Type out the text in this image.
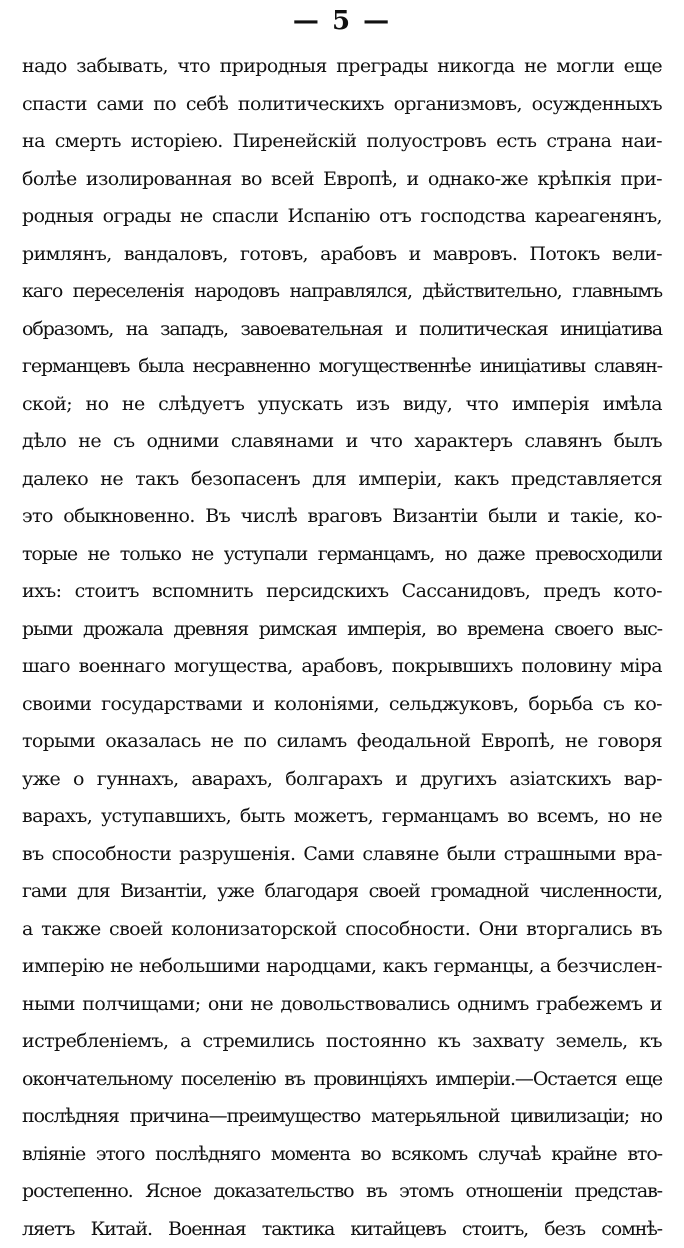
— 5 —
надо забывать, что природныя преграды никогда не могли еще
спасти сами по себѣ политическихъ организмовъ, осужденныхъ
на смерть исторіею. Пиренейскій полуостровъ есть страна наи-
болѣе изолированная во всей Европѣ, и однако-же крѣпкія при-
родныя ограды не спасли Испанію отъ господства кареагенянъ,
римлянъ, вандаловъ, готовъ, арабовъ и мавровъ. Потокъ вели-
каго переселенія народовъ направлялся, дѣйствительно, главнымъ
образомъ, на западъ, завоевательная и политическая иниціатива
германцевъ была несравненно могущественнѣе иниціативы славян-
ской; но не слѣдуетъ упускать изъ виду, что имперія имѣла
дѣло не съ одними славянами и что характеръ славянъ былъ
далеко не такъ безопасенъ для имперіи, какъ представляется
это обыкновенно. Въ числѣ враговъ Византіи были и такіе, ко-
торые не только не уступали германцамъ, но даже превосходили
ихъ: стоитъ вспомнить персидскихъ Сассанидовъ, предъ кото-
рыми дрожала древняя римская имперія, во времена своего выс-
шаго военнаго могущества, арабовъ, покрывшихъ половину міра
своими государствами и колоніями, сельджуковъ, борьба съ ко-
торыми оказалась не по силамъ феодальной Европѣ, не говоря
уже о гуннахъ, аварахъ, болгарахъ и другихъ азіатскихъ вар-
варахъ, уступавшихъ, быть можетъ, германцамъ во всемъ, но не
въ способности разрушенія. Сами славяне были страшными вра-
гами для Византіи, уже благодаря своей громадной численности,
а также своей колонизаторской способности. Они вторгались въ
имперію не небольшими народцами, какъ германцы, а безчислен-
ными полчищами; они не довольствовались однимъ грабежемъ и
истребленіемъ, а стремились постоянно къ захвату земель, къ
окончательному поселенію въ провинціяхъ имперіи.—Остается еще
послѣдняя причина—преимущество матерьяльной цивилизаціи; но
вліяніе этого послѣдняго момента во всякомъ случаѣ крайне вто-
ростепенно. Ясное доказательство въ этомъ отношеніи представ-
ляетъ Китай. Военная тактика китайцевъ стоитъ, безъ сомнѣ-
